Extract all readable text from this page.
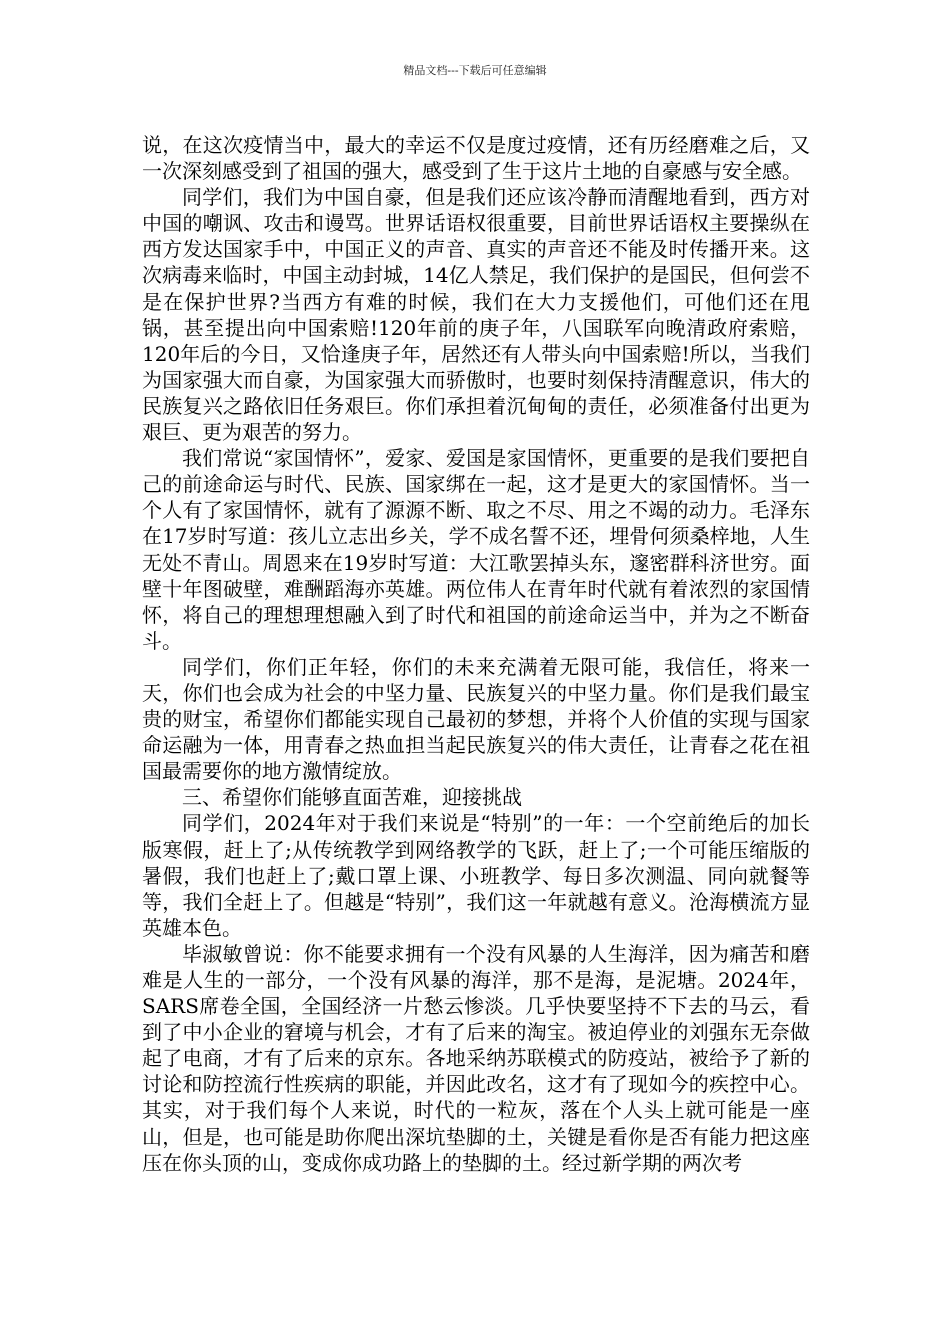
精品文档---下载后可任意编辑

说，在这次疫情当中，最大的幸运不仅是度过疫情，还有历经磨难之后，又一次深刻感受到了祖国的强大，感受到了生于这片土地的自豪感与安全感。

同学们，我们为中国自豪，但是我们还应该冷静而清醒地看到，西方对中国的嘲讽、攻击和谩骂。世界话语权很重要，目前世界话语权主要操纵在西方发达国家手中，中国正义的声音、真实的声音还不能及时传播开来。这次病毒来临时，中国主动封城，14亿人禁足，我们保护的是国民，但何尝不是在保护世界?当西方有难的时候，我们在大力支援他们，可他们还在甩锅，甚至提出向中国索赔!120年前的庚子年，八国联军向晚清政府索赔，120年后的今日，又恰逢庚子年，居然还有人带头向中国索赔!所以，当我们为国家强大而自豪，为国家强大而骄傲时，也要时刻保持清醒意识，伟大的民族复兴之路依旧任务艰巨。你们承担着沉甸甸的责任，必须准备付出更为艰巨、更为艰苦的努力。

我们常说“家国情怀”，爱家、爱国是家国情怀，更重要的是我们要把自己的前途命运与时代、民族、国家绑在一起，这才是更大的家国情怀。当一个人有了家国情怀，就有了源源不断、取之不尽、用之不竭的动力。毛泽东在17岁时写道：孩儿立志出乡关，学不成名誓不还，埋骨何须桑梓地，人生无处不青山。周恩来在19岁时写道：大江歌罢掉头东，邃密群科济世穷。面壁十年图破壁，难酬蹈海亦英雄。两位伟人在青年时代就有着浓烈的家国情怀，将自己的理想理想融入到了时代和祖国的前途命运当中，并为之不断奋斗。

同学们，你们正年轻，你们的未来充满着无限可能，我信任，将来一天，你们也会成为社会的中坚力量、民族复兴的中坚力量。你们是我们最宝贵的财宝，希望你们都能实现自己最初的梦想，并将个人价值的实现与国家命运融为一体，用青春之热血担当起民族复兴的伟大责任，让青春之花在祖国最需要你的地方激情绽放。

三、希望你们能够直面苦难，迎接挑战

同学们，2024年对于我们来说是“特别”的一年：一个空前绝后的加长版寒假，赶上了;从传统教学到网络教学的飞跃，赶上了;一个可能压缩版的暑假，我们也赶上了;戴口罩上课、小班教学、每日多次测温、同向就餐等等，我们全赶上了。但越是“特别”，我们这一年就越有意义。沧海横流方显英雄本色。

毕淑敏曾说：你不能要求拥有一个没有风暴的人生海洋，因为痛苦和磨难是人生的一部分，一个没有风暴的海洋，那不是海，是泥塘。2024年，SARS席卷全国，全国经济一片愁云惨淡。几乎快要坚持不下去的马云，看到了中小企业的窘境与机会，才有了后来的淘宝。被迫停业的刘强东无奈做起了电商，才有了后来的京东。各地采纳苏联模式的防疫站，被给予了新的讨论和防控流行性疾病的职能，并因此改名，这才有了现如今的疾控中心。其实，对于我们每个人来说，时代的一粒灰，落在个人头上就可能是一座山，但是，也可能是助你爬出深坑垫脚的土，关键是看你是否有能力把这座压在你头顶的山，变成你成功路上的垫脚的土。经过新学期的两次考
